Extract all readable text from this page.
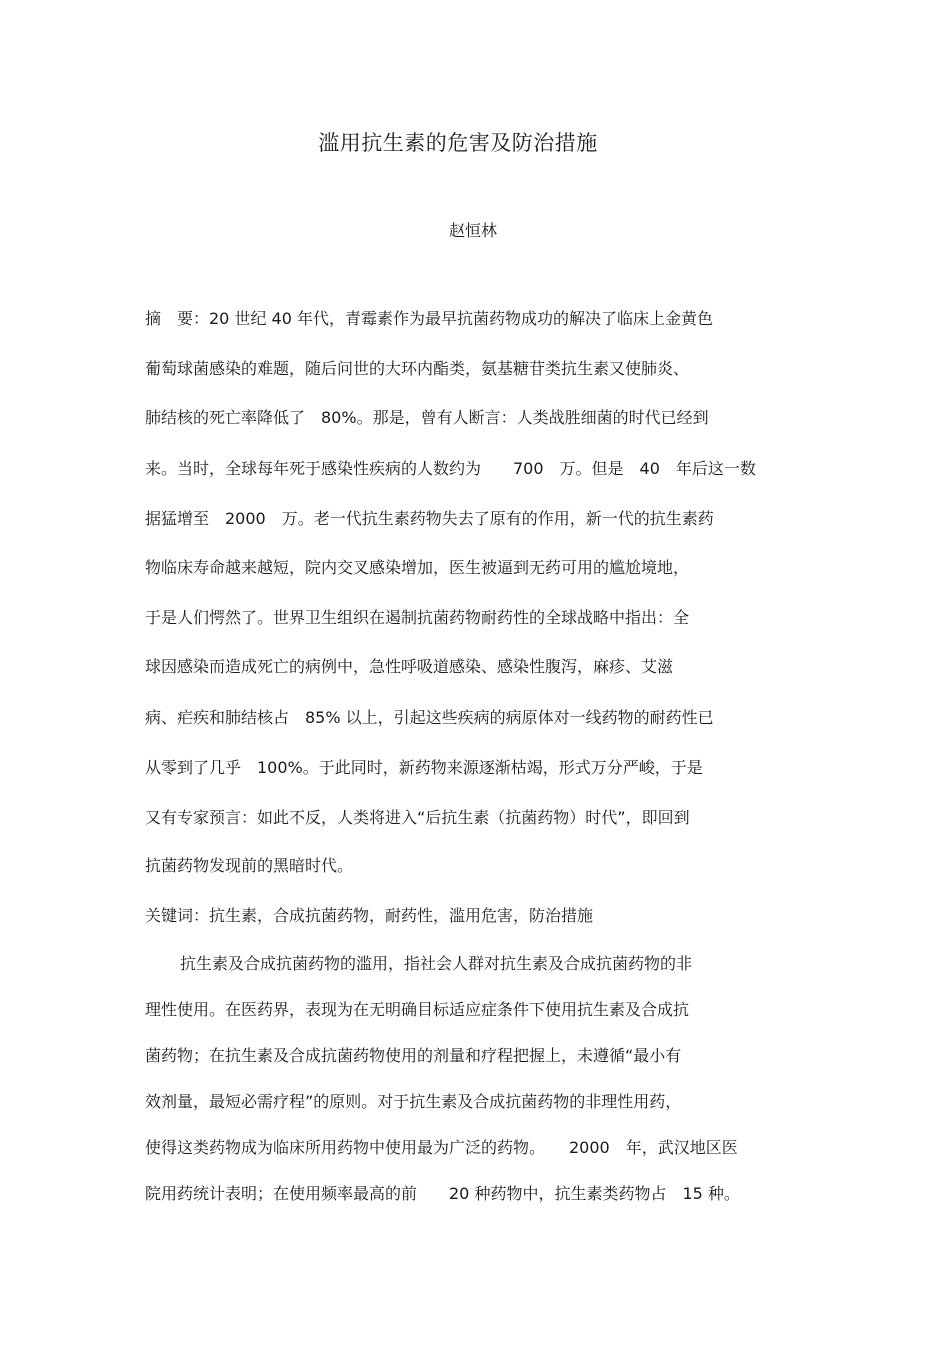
滥用抗生素的危害及防治措施
赵恒林
摘　要：20 世纪 40 年代，青霉素作为最早抗菌药物成功的解决了临床上金黄色
葡萄球菌感染的难题，随后问世的大环内酯类，氨基糖苷类抗生素又使肺炎、
肺结核的死亡率降低了　80%。那是，曾有人断言：人类战胜细菌的时代已经到
来。当时，全球每年死于感染性疾病的人数约为　　700　万。但是　40　年后这一数
据猛增至　2000　万。老一代抗生素药物失去了原有的作用，新一代的抗生素药
物临床寿命越来越短，院内交叉感染增加，医生被逼到无药可用的尴尬境地，
于是人们愕然了。世界卫生组织在遏制抗菌药物耐药性的全球战略中指出：全
球因感染而造成死亡的病例中，急性呼吸道感染、感染性腹泻，麻疹、艾滋
病、疟疾和肺结核占　85% 以上，引起这些疾病的病原体对一线药物的耐药性已
从零到了几乎　100%。于此同时，新药物来源逐渐枯竭，形式万分严峻，于是
又有专家预言：如此不反，人类将进入“后抗生素（抗菌药物）时代”，即回到
抗菌药物发现前的黑暗时代。
关键词：抗生素，合成抗菌药物，耐药性，滥用危害，防治措施
抗生素及合成抗菌药物的滥用，指社会人群对抗生素及合成抗菌药物的非
理性使用。在医药界，表现为在无明确目标适应症条件下使用抗生素及合成抗
菌药物；在抗生素及合成抗菌药物使用的剂量和疗程把握上，未遵循“最小有
效剂量，最短必需疗程”的原则。对于抗生素及合成抗菌药物的非理性用药，
使得这类药物成为临床所用药物中使用最为广泛的药物。　　2000　年，武汉地区医
院用药统计表明；在使用频率最高的前　　20 种药物中，抗生素类药物占　15 种。
